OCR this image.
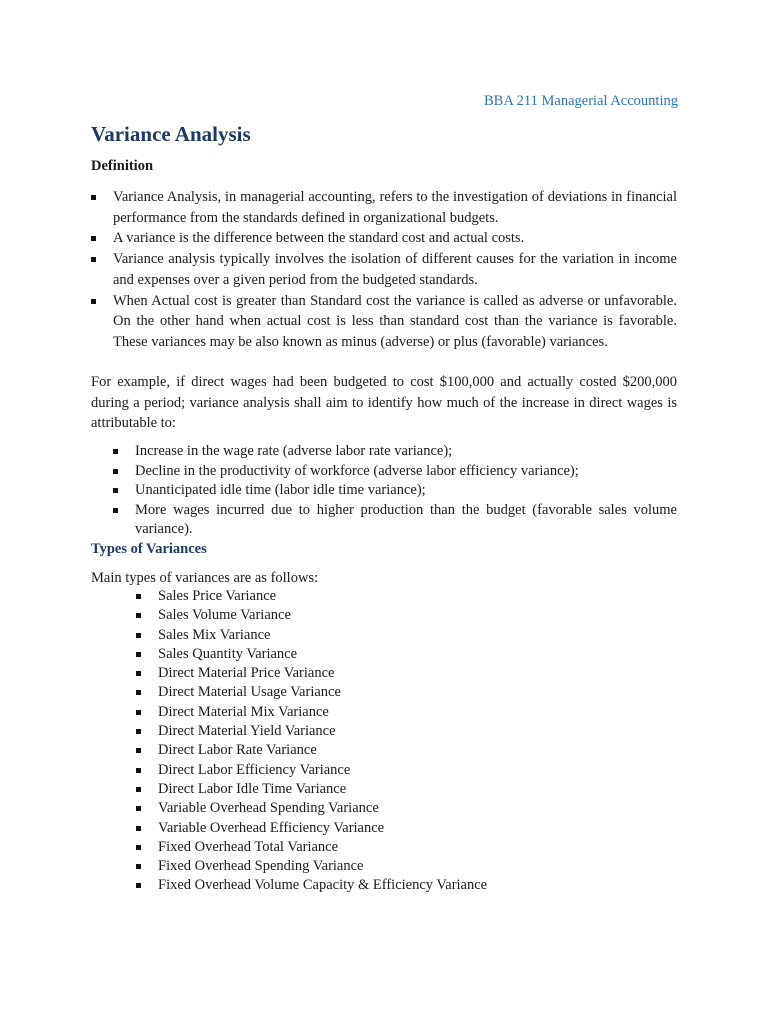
BBA 211 Managerial Accounting
Variance Analysis
Definition
Variance Analysis, in managerial accounting, refers to the investigation of deviations in financial performance from the standards defined in organizational budgets.
A variance is the difference between the standard cost and actual costs.
Variance analysis typically involves the isolation of different causes for the variation in income and expenses over a given period from the budgeted standards.
When Actual cost is greater than Standard cost the variance is called as adverse or unfavorable. On the other hand when actual cost is less than standard cost than the variance is favorable. These variances may be also known as minus (adverse) or plus (favorable) variances.

For example, if direct wages had been budgeted to cost $100,000 and actually costed $200,000 during a period; variance analysis shall aim to identify how much of the increase in direct wages is attributable to:

Increase in the wage rate (adverse labor rate variance);
Decline in the productivity of workforce (adverse labor efficiency variance);
Unanticipated idle time (labor idle time variance);
More wages incurred due to higher production than the budget (favorable sales volume variance).
Types of Variances
Main types of variances are as follows:
Sales Price Variance
Sales Volume Variance
Sales Mix Variance
Sales Quantity Variance
Direct Material Price Variance
Direct Material Usage Variance
Direct Material Mix Variance
Direct Material Yield Variance
Direct Labor Rate Variance
Direct Labor Efficiency Variance
Direct Labor Idle Time Variance
Variable Overhead Spending Variance
Variable Overhead Efficiency Variance
Fixed Overhead Total Variance
Fixed Overhead Spending Variance
Fixed Overhead Volume Capacity & Efficiency Variance
